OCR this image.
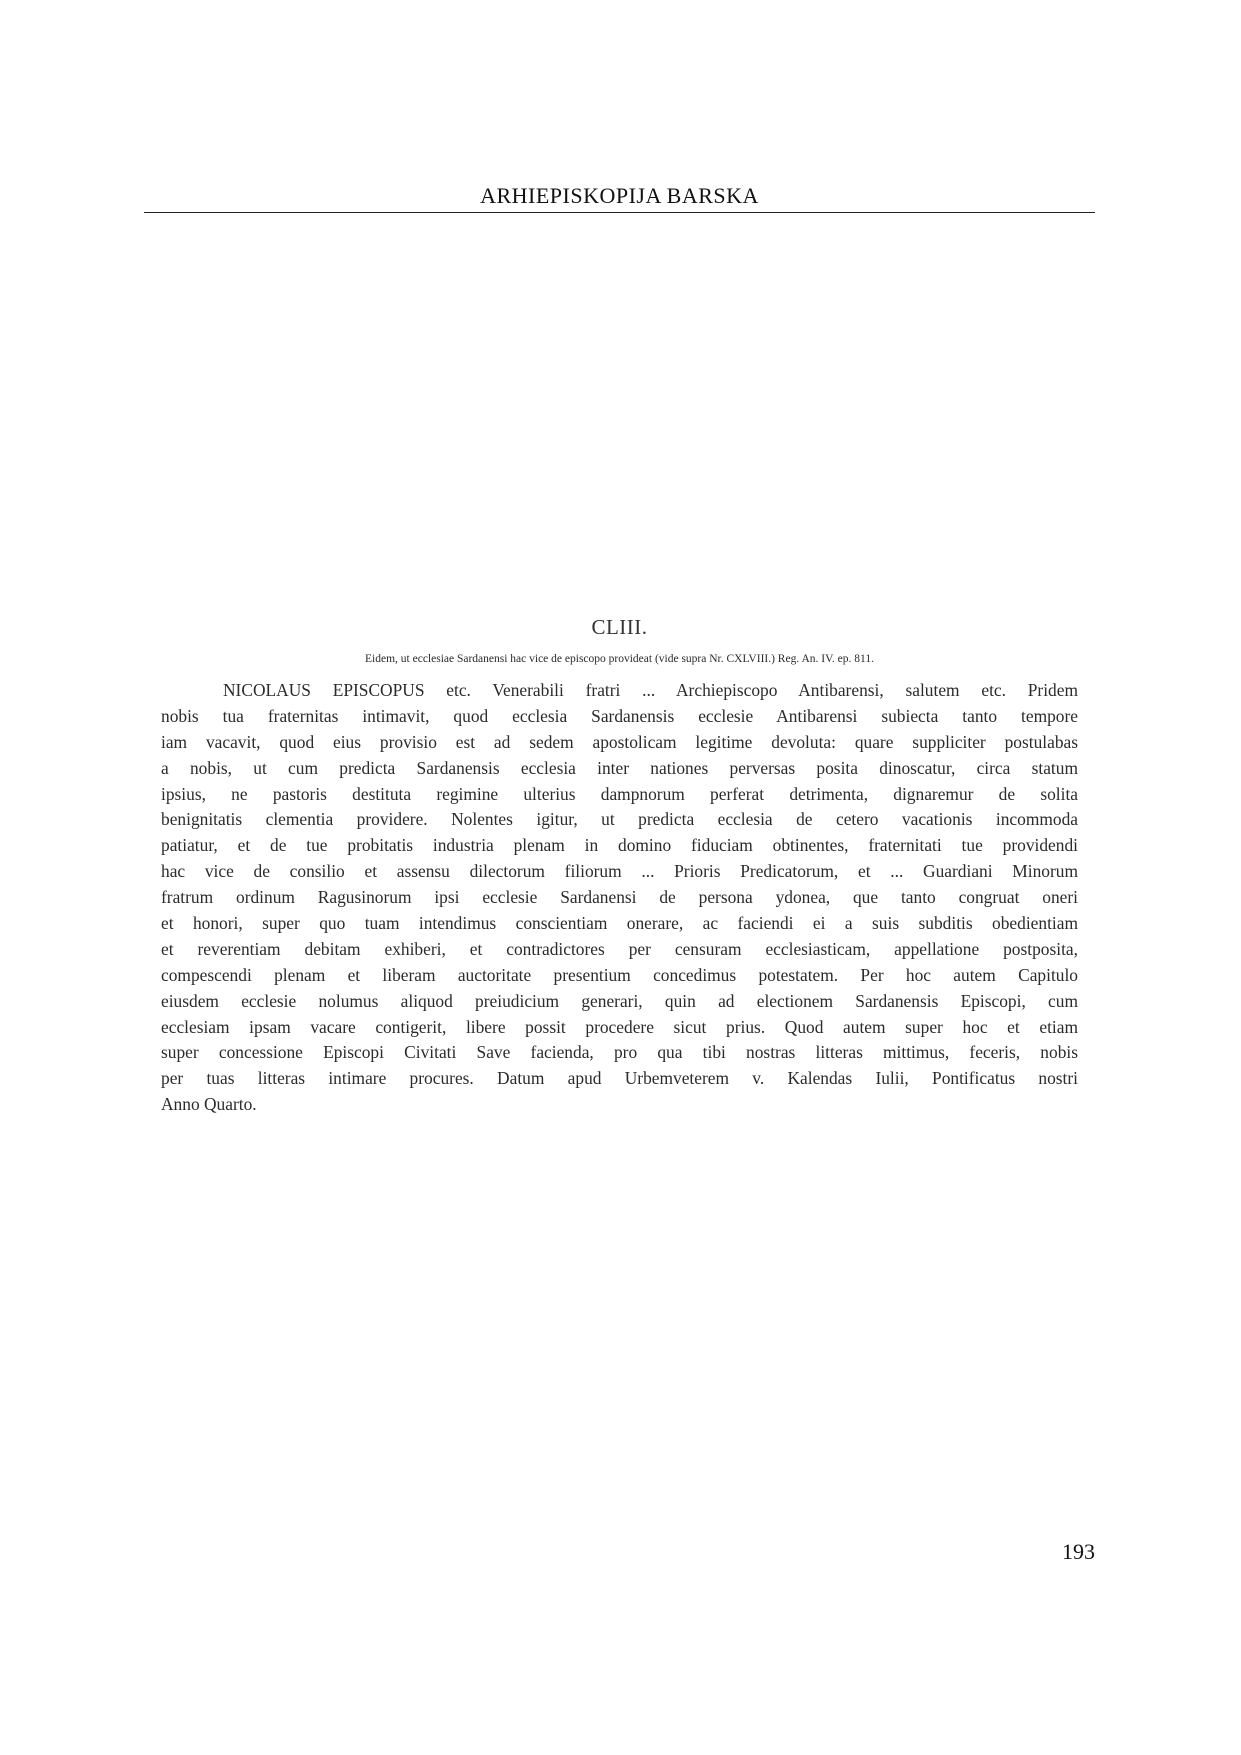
ARHIEPISKOPIJA BARSKA
CLIII.
Eidem, ut ecclesiae Sardanensi hac vice de episcopo provideat (vide supra Nr. CXLVIII.) Reg. An. IV. ep. 811.
NICOLAUS EPISCOPUS etc. Venerabili fratri ... Archiepiscopo Antibarensi, salutem etc. Pridem
nobis tua fraternitas intimavit, quod ecclesia Sardanensis ecclesie Antibarensi subiecta tanto tempore
iam vacavit, quod eius provisio est ad sedem apostolicam legitime devoluta: quare suppliciter postulabas
a nobis, ut cum predicta Sardanensis ecclesia inter nationes perversas posita dinoscatur, circa statum
ipsius, ne pastoris destituta regimine ulterius dampnorum perferat detrimenta, dignaremur de solita
benignitatis clementia providere. Nolentes igitur, ut predicta ecclesia de cetero vacationis incommoda
patiatur, et de tue probitatis industria plenam in domino fiduciam obtinentes, fraternitati tue providendi
hac vice de consilio et assensu dilectorum filiorum ... Prioris Predicatorum, et ... Guardiani Minorum
fratrum ordinum Ragusinorum ipsi ecclesie Sardanensi de persona ydonea, que tanto congruat oneri
et honori, super quo tuam intendimus conscientiam onerare, ac faciendi ei a suis subditis obedientiam
et reverentiam debitam exhiberi, et contradictores per censuram ecclesiasticam, appellatione postposita,
compescendi plenam et liberam auctoritate presentium concedimus potestatem. Per hoc autem Capitulo
eiusdem ecclesie nolumus aliquod preiudicium generari, quin ad electionem Sardanensis Episcopi, cum
ecclesiam ipsam vacare contigerit, libere possit procedere sicut prius. Quod autem super hoc et etiam
super concessione Episcopi Civitati Save facienda, pro qua tibi nostras litteras mittimus, feceris, nobis
per tuas litteras intimare procures. Datum apud Urbemveterem v. Kalendas Iulii, Pontificatus nostri
Anno Quarto.
193
